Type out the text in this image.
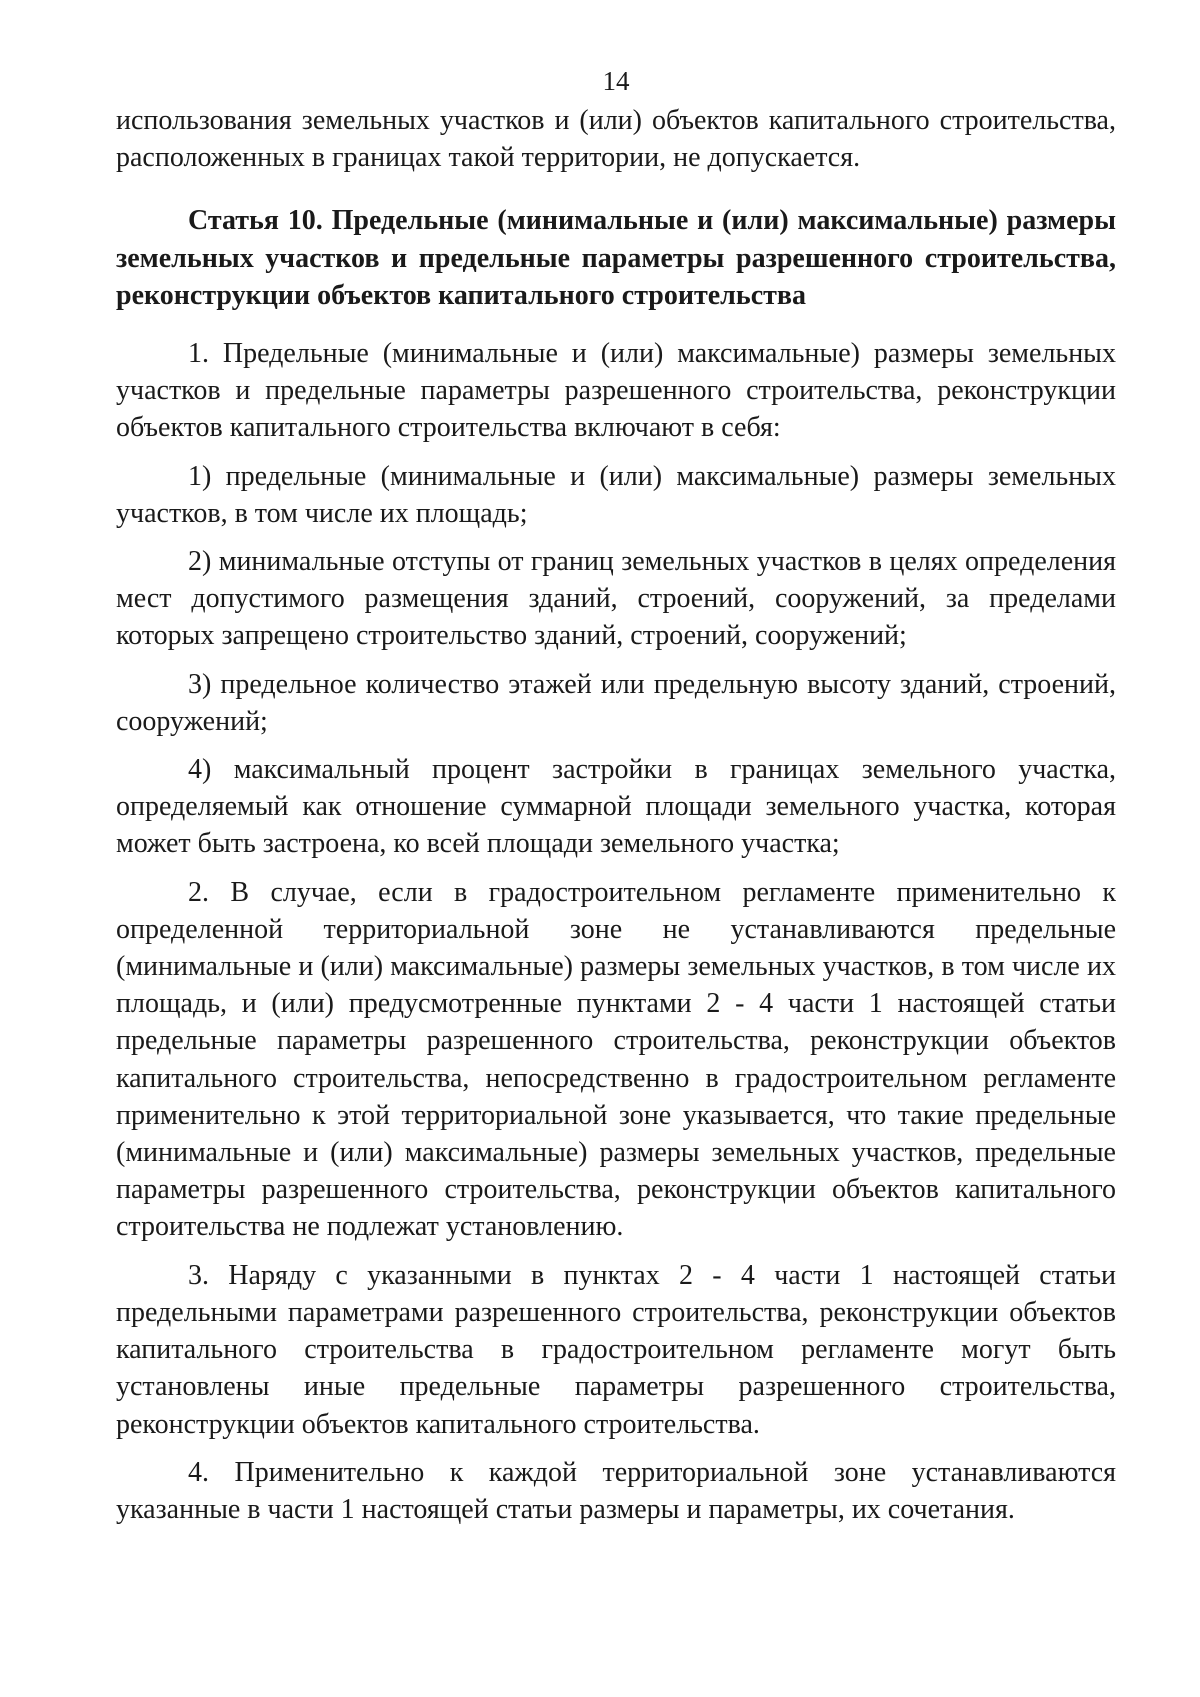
14

использования земельных участков и (или) объектов капитального строительства, расположенных в границах такой территории, не допускается.

Статья 10. Предельные (минимальные и (или) максимальные) размеры земельных участков и предельные параметры разрешенного строительства, реконструкции объектов капитального строительства

1. Предельные (минимальные и (или) максимальные) размеры земельных участков и предельные параметры разрешенного строительства, реконструкции объектов капитального строительства включают в себя:

1) предельные (минимальные и (или) максимальные) размеры земельных участков, в том числе их площадь;

2) минимальные отступы от границ земельных участков в целях определения мест допустимого размещения зданий, строений, сооружений, за пределами которых запрещено строительство зданий, строений, сооружений;

3) предельное количество этажей или предельную высоту зданий, строений, сооружений;

4) максимальный процент застройки в границах земельного участка, определяемый как отношение суммарной площади земельного участка, которая может быть застроена, ко всей площади земельного участка;

2. В случае, если в градостроительном регламенте применительно к определенной территориальной зоне не устанавливаются предельные (минимальные и (или) максимальные) размеры земельных участков, в том числе их площадь, и (или) предусмотренные пунктами 2 - 4 части 1 настоящей статьи предельные параметры разрешенного строительства, реконструкции объектов капитального строительства, непосредственно в градостроительном регламенте применительно к этой территориальной зоне указывается, что такие предельные (минимальные и (или) максимальные) размеры земельных участков, предельные параметры разрешенного строительства, реконструкции объектов капитального строительства не подлежат установлению.

3. Наряду с указанными в пунктах 2 - 4 части 1 настоящей статьи предельными параметрами разрешенного строительства, реконструкции объектов капитального строительства в градостроительном регламенте могут быть установлены иные предельные параметры разрешенного строительства, реконструкции объектов капитального строительства.

4. Применительно к каждой территориальной зоне устанавливаются указанные в части 1 настоящей статьи размеры и параметры, их сочетания.
